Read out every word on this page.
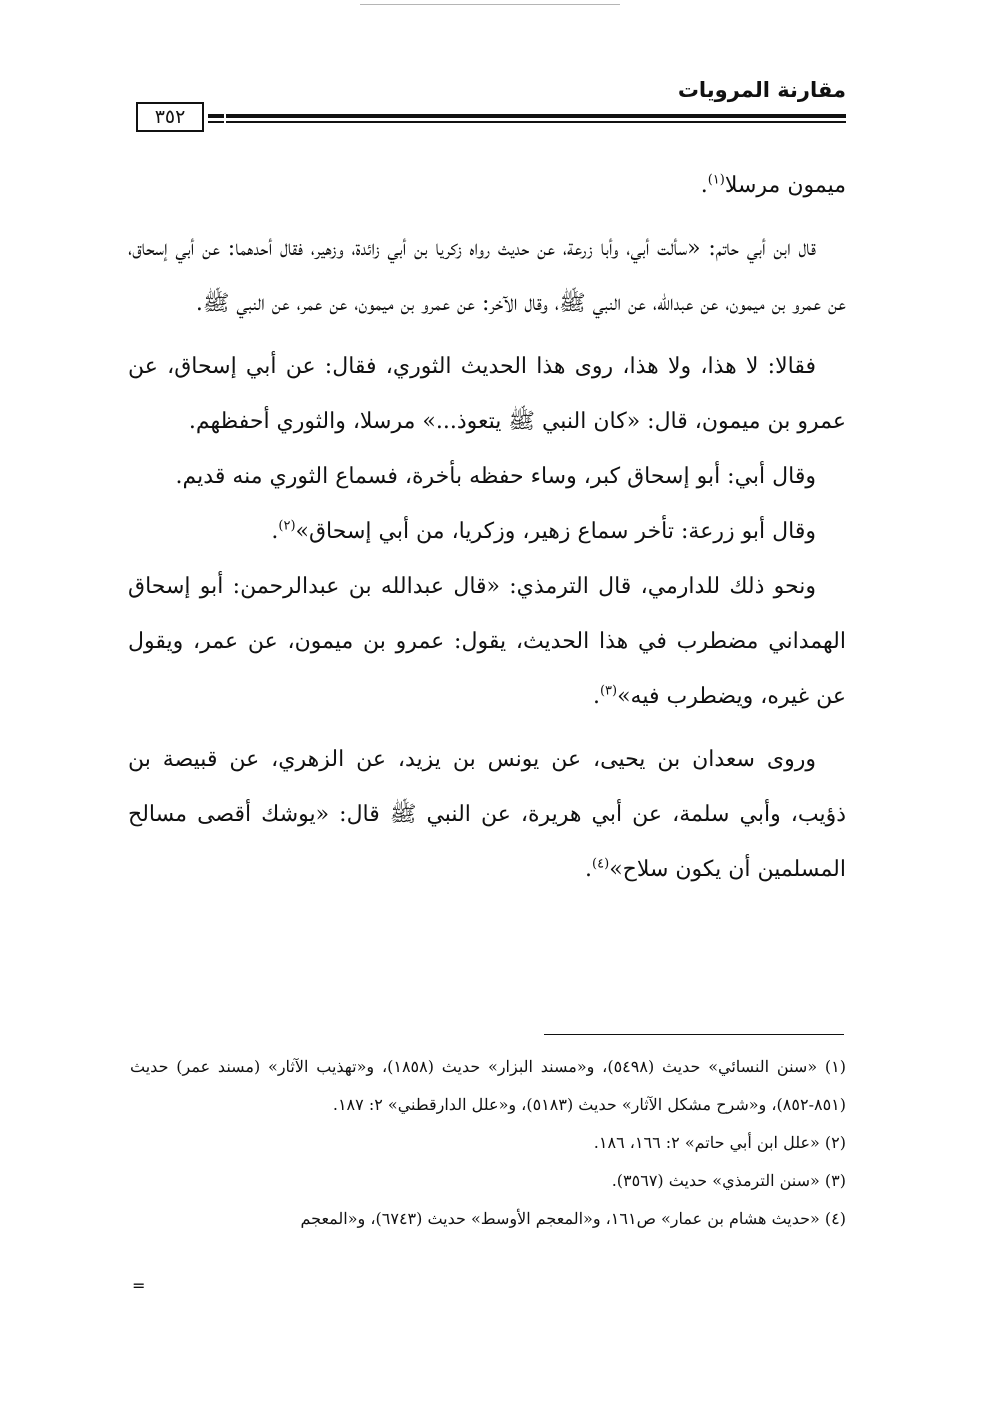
مقارنة المرويات
٣٥٢

ميمون مرسلا$^{(١)}$.

قال ابن أبي حاتم: «سألت أبي، وأبا زرعة، عن حديث رواه زكريا بن أبي زائدة، وزهير، فقال أحدهما: عن أبي إسحاق، عن عمرو بن ميمون، عن عبدالله، عن النبي ﷺ، وقال الآخر: عن عمرو بن ميمون، عن عمر، عن النبي ﷺ.

فقالا: لا هذا، ولا هذا، روى هذا الحديث الثوري، فقال: عن أبي إسحاق، عن عمرو بن ميمون، قال: «كان النبي ﷺ يتعوذ...» مرسلا، والثوري أحفظهم.

وقال أبي: أبو إسحاق كبر، وساء حفظه بأخرة، فسماع الثوري منه قديم.

وقال أبو زرعة: تأخر سماع زهير، وزكريا، من أبي إسحاق»$^{(٢)}$.

ونحو ذلك للدارمي، قال الترمذي: «قال عبدالله بن عبدالرحمن: أبو إسحاق الهمداني مضطرب في هذا الحديث، يقول: عمرو بن ميمون، عن عمر، ويقول عن غيره، ويضطرب فيه»$^{(٣)}$.

وروى سعدان بن يحيى، عن يونس بن يزيد، عن الزهري، عن قبيصة بن ذؤيب، وأبي سلمة، عن أبي هريرة، عن النبي ﷺ قال: «يوشك أقصى مسالح المسلمين أن يكون سلاح»$^{(٤)}$.

(١) «سنن النسائي» حديث (٥٤٩٨)، و«مسند البزار» حديث (١٨٥٨)، و«تهذيب الآثار» (مسند عمر) حديث (٨٥١-٨٥٢)، و«شرح مشكل الآثار» حديث (٥١٨٣)، و«علل الدارقطني» ٢: ١٨٧.

(٢) «علل ابن أبي حاتم» ٢: ١٦٦، ١٨٦.

(٣) «سنن الترمذي» حديث (٣٥٦٧).

(٤) «حديث هشام بن عمار» ص١٦١، و«المعجم الأوسط» حديث (٦٧٤٣)، و«المعجم

=
